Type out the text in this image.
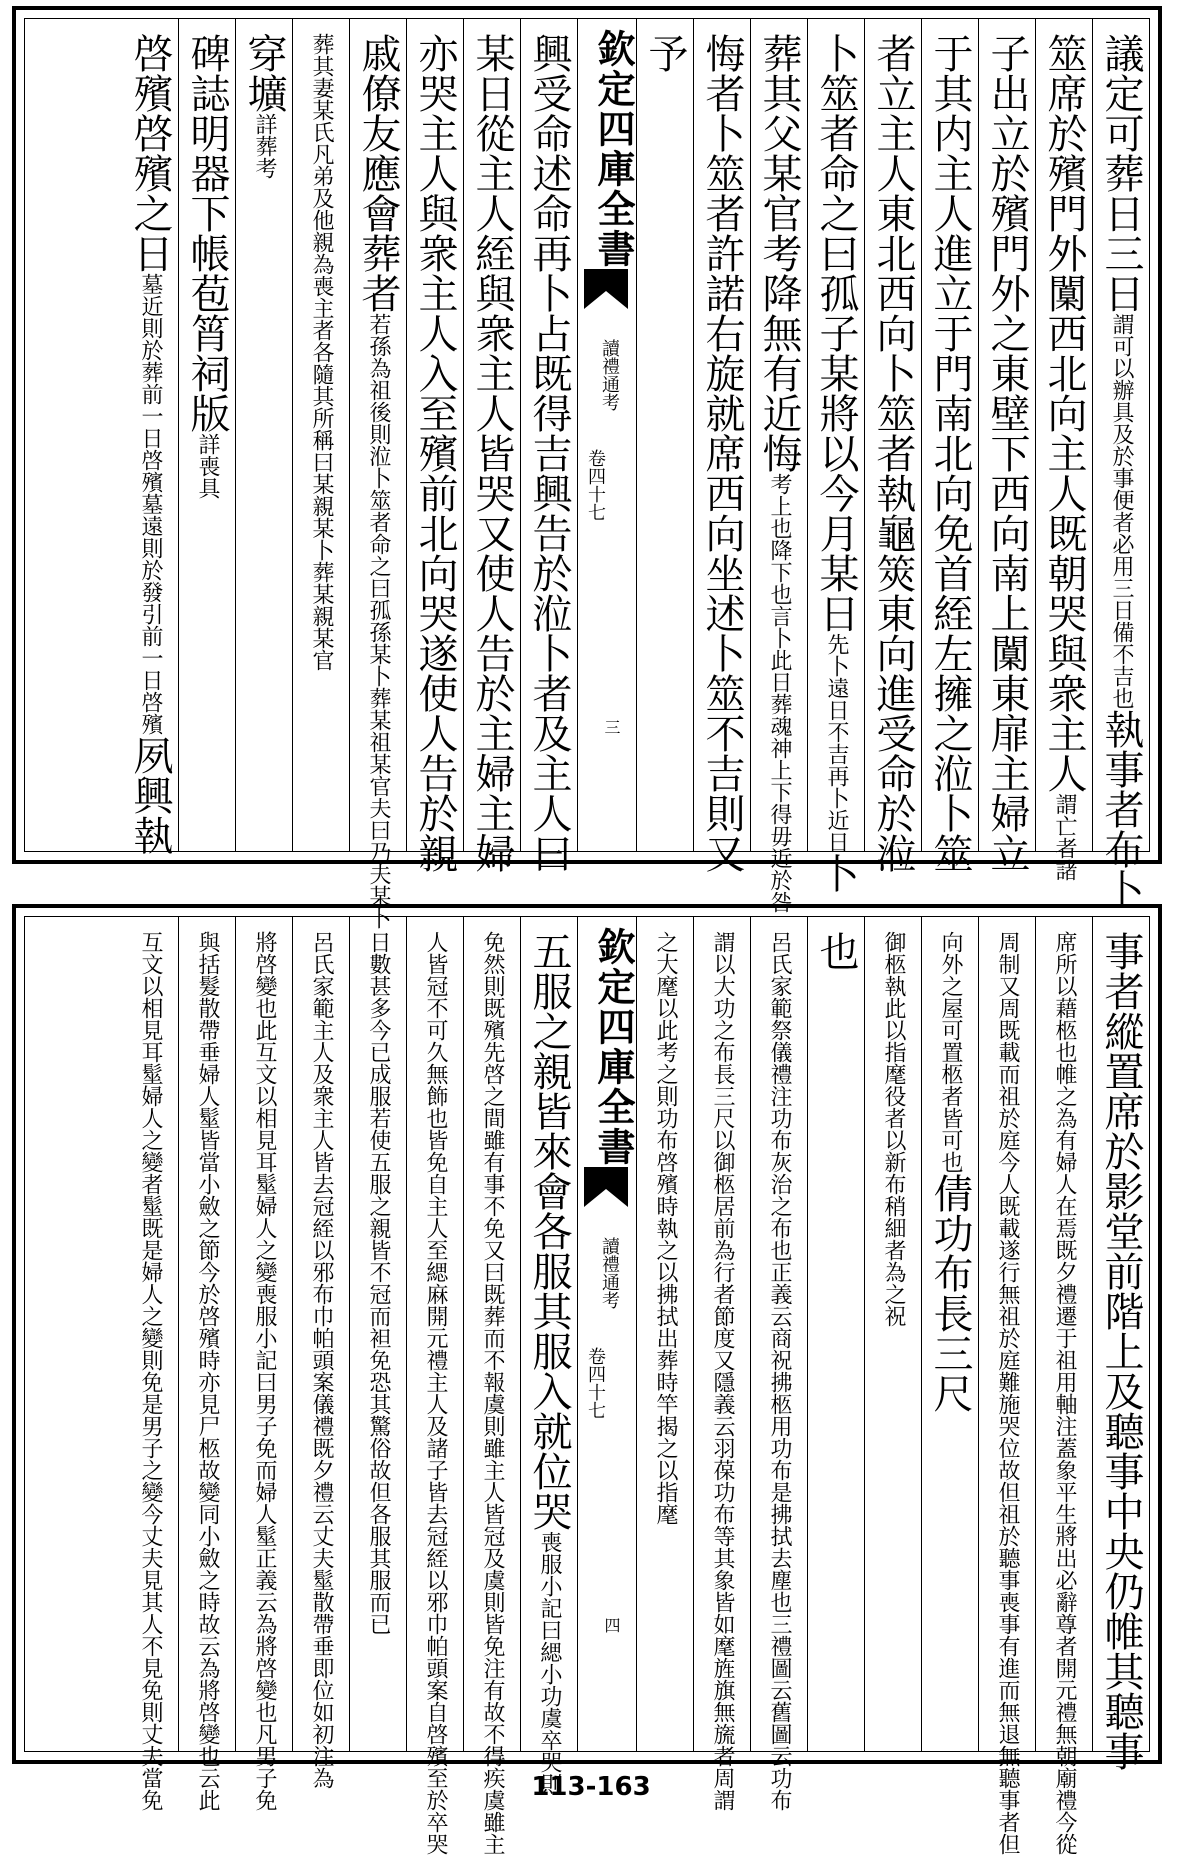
議定可葬日三日謂可以辦具及於事便者必用三日備不吉也執事者布卜
筮席於殯門外闑西北向主人既朝哭與衆主人謂亡者諸
子出立於殯門外之東壁下西向南上闑東扉主婦立
于其内主人進立于門南北向免首絰左擁之涖卜筮
者立主人東北西向卜筮者執龜筴東向進受命於涖
卜筮者命之曰孤子某將以今月某日先卜遠日不吉再卜近日卜
葬其父某官考降無有近悔考上也降下也言卜此日葬魂神上下得毋近於咎
悔者卜筮者許諾右旋就席西向坐述卜筮不吉則又
予
欽定四庫全書
讀禮通考
卷四十七
三
興受命述命再卜占既得吉興告於涖卜者及主人曰
某日從主人絰與衆主人皆哭又使人告於主婦主婦
亦哭主人與衆主人入至殯前北向哭遂使人告於親
戚僚友應會葬者若孫為祖後則涖卜筮者命之曰孤孫某卜葬某祖某官夫曰乃夫某卜
葬其妻某氏凡弟及他親為喪主者各隨其所稱曰某親某卜葬某親某官
穿壙詳葬考
碑誌明器下帳苞筲祠版詳喪具
啓殯啓殯之日墓近則於葬前一日啓殯墓遠則於發引前一日啓殯夙興執
事者縱置席於影堂前階上及聽事中央仍帷其聽事
席所以藉柩也帷之為有婦人在焉既夕禮遷于祖用軸注蓋象平生將出必辭尊者開元禮無朝廟禮今從
周制又周既載而祖於庭今人既載遂行無祖於庭難施哭位故但祖於聽事喪事有進而無退無聽事者但
向外之屋可置柩者皆可也倩功布長三尺
御柩執此以指麾役者以新布稍細者為之祝
也
呂氏家範祭儀禮注功布灰治之布也正義云商祝拂柩用功布是拂拭去塵也三禮圖云舊圖云功布
謂以大功之布長三尺以御柩居前為行者節度又隱義云羽葆功布等其象皆如麾旌旗無旒者周謂
之大麾以此考之則功布啓殯時執之以拂拭出葬時竿揭之以指麾
欽定四庫全書
讀禮通考
卷四十七
四
五服之親皆來會各服其服入就位哭喪服小記曰緦小功虞卒哭則
免然則既殯先啓之間雖有事不免又曰既葬而不報虞則雖主人皆冠及虞則皆免注有故不得疾虞雖主
人皆冠不可久無飾也皆免自主人至緦麻開元禮主人及諸子皆去冠絰以邪巾帕頭案自啓殯至於卒哭
日數甚多今已成服若使五服之親皆不冠而袒免恐其驚俗故但各服其服而已
呂氏家範主人及衆主人皆去冠絰以邪布巾帕頭案儀禮既夕禮云丈夫髽散帶垂即位如初注為
將啓變也此互文以相見耳髽婦人之變喪服小記曰男子免而婦人髽正義云為將啓變也凡男子免
與括髮散帶垂婦人髽皆當小斂之節今於啓殯時亦見尸柩故變同小斂之時故云為將啓變也云此
互文以相見耳髽婦人之變者髽既是婦人之變則免是男子之變今丈夫見其人不見免則丈夫當免	113-163
